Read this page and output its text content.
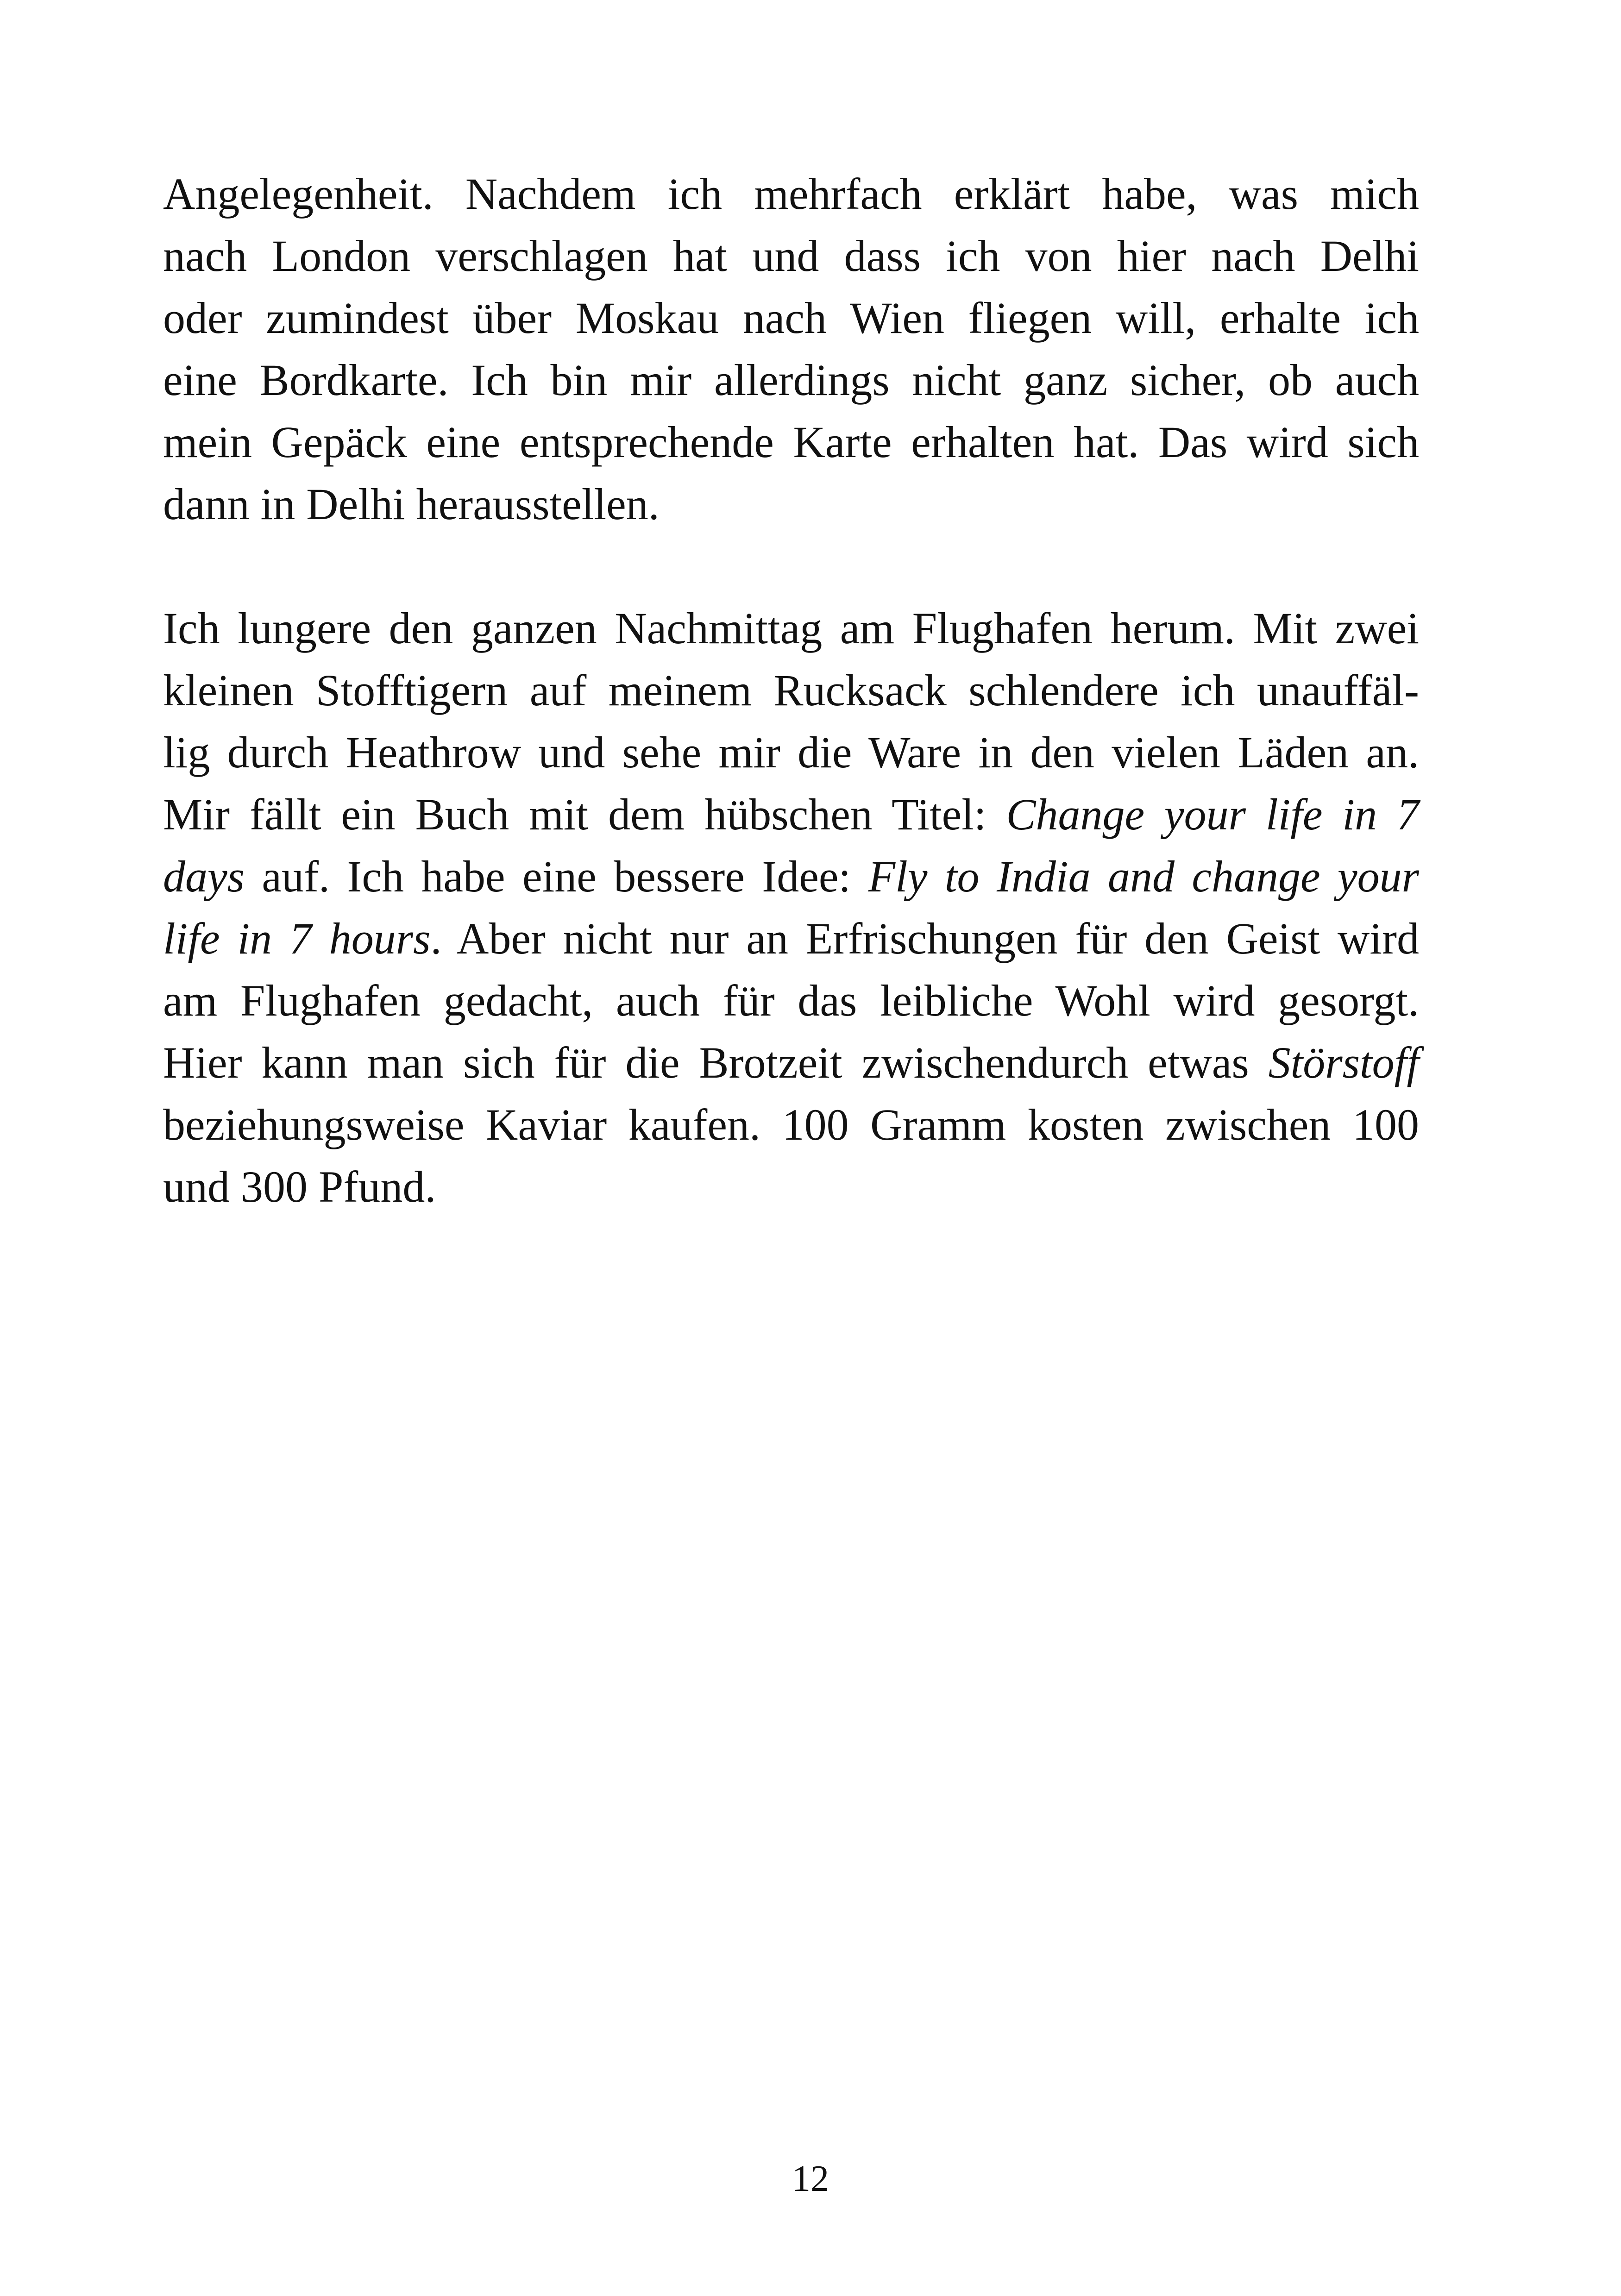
Angelegenheit. Nachdem ich mehrfach erklärt habe, was mich
nach London verschlagen hat und dass ich von hier nach Delhi
oder zumindest über Moskau nach Wien fliegen will, erhalte ich
eine Bordkarte. Ich bin mir allerdings nicht ganz sicher, ob auch
mein Gepäck eine entsprechende Karte erhalten hat. Das wird sich
dann in Delhi herausstellen.
Ich lungere den ganzen Nachmittag am Flughafen herum. Mit zwei
kleinen Stofftigern auf meinem Rucksack schlendere ich unauffäl-
lig durch Heathrow und sehe mir die Ware in den vielen Läden an.
Mir fällt ein Buch mit dem hübschen Titel: Change your life in 7
days auf. Ich habe eine bessere Idee: Fly to India and change your
life in 7 hours. Aber nicht nur an Erfrischungen für den Geist wird
am Flughafen gedacht, auch für das leibliche Wohl wird gesorgt.
Hier kann man sich für die Brotzeit zwischendurch etwas Störstoff
beziehungsweise Kaviar kaufen. 100 Gramm kosten zwischen 100
und 300 Pfund.
12
